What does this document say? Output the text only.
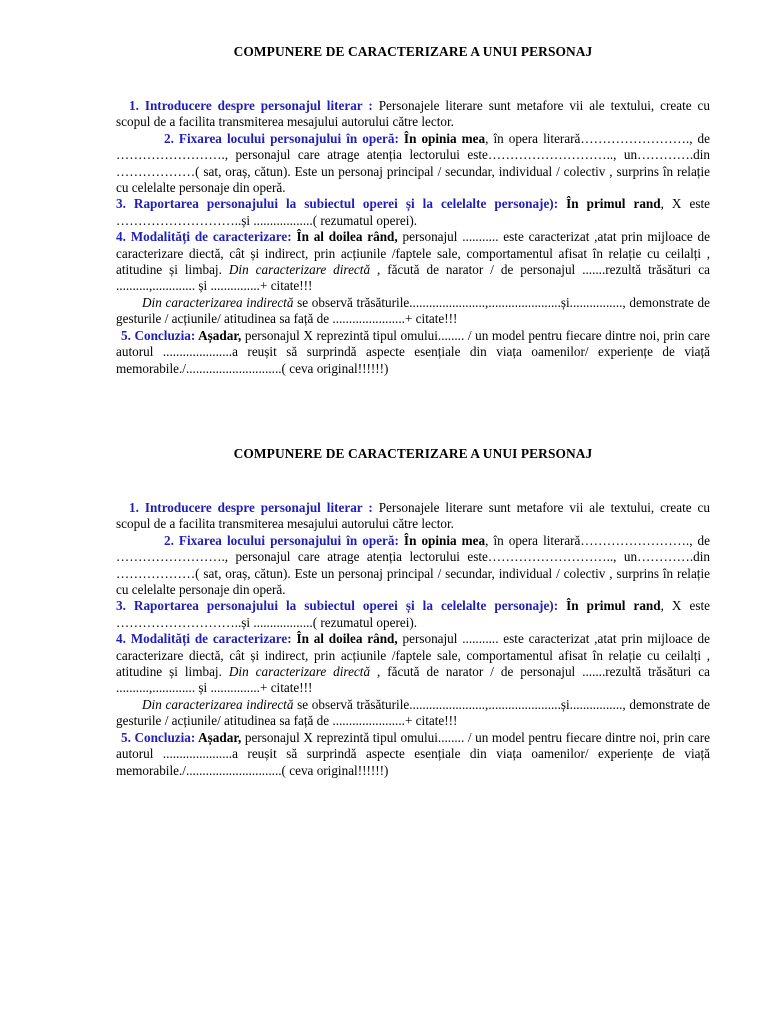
COMPUNERE DE CARACTERIZARE A UNUI PERSONAJ

1. Introducere despre personajul literar : Personajele literare sunt metafore vii ale textului, create cu scopul de a facilita transmiterea mesajului autorului către lector.

2. Fixarea locului personajului în operă: În opinia mea, în opera literară……………………., de ……………………., personajul care atrage atenția lectorului este……………………….., un………….din ………………( sat, oraș, cătun). Este un personaj principal / secundar, individual / colectiv , surprins în relație cu celelalte personaje din operă.

3. Raportarea personajului la subiectul operei și la celelalte personaje): În primul rand, X este ………………………..și ..................( rezumatul operei).

4. Modalități de caracterizare: În al doilea rând, personajul ........... este caracterizat ,atat prin mijloace de caracterizare diectă, cât și indirect, prin acțiunile /faptele sale, comportamentul afisat în relație cu ceilalți , atitudine și limbaj. Din caracterizare directă , făcută de narator / de personajul .......rezultă trăsături ca ..........,............. și ...............+ citate!!!

Din caracterizarea indirectă se observă trăsăturile.......................,......................și................, demonstrate de gesturile / acțiunile/ atitudinea sa față de ......................+ citate!!!

5. Concluzia: Așadar, personajul X reprezintă tipul omului........ / un model pentru fiecare dintre noi, prin care autorul .....................a reușit să surprindă aspecte esențiale din viața oamenilor/ experiențe de viață memorabile./.............................( ceva original!!!!!!)

COMPUNERE DE CARACTERIZARE A UNUI PERSONAJ

1. Introducere despre personajul literar : Personajele literare sunt metafore vii ale textului, create cu scopul de a facilita transmiterea mesajului autorului către lector.

2. Fixarea locului personajului în operă: În opinia mea, în opera literară……………………., de ……………………., personajul care atrage atenția lectorului este……………………….., un………….din ………………( sat, oraș, cătun). Este un personaj principal / secundar, individual / colectiv , surprins în relație cu celelalte personaje din operă.

3. Raportarea personajului la subiectul operei și la celelalte personaje): În primul rand, X este ………………………..și ..................( rezumatul operei).

4. Modalități de caracterizare: În al doilea rând, personajul ........... este caracterizat ,atat prin mijloace de caracterizare diectă, cât și indirect, prin acțiunile /faptele sale, comportamentul afisat în relație cu ceilalți , atitudine și limbaj. Din caracterizare directă , făcută de narator / de personajul .......rezultă trăsături ca ..........,............. și ...............+ citate!!!

Din caracterizarea indirectă se observă trăsăturile.......................,......................și................, demonstrate de gesturile / acțiunile/ atitudinea sa față de ......................+ citate!!!

5. Concluzia: Așadar, personajul X reprezintă tipul omului........ / un model pentru fiecare dintre noi, prin care autorul .....................a reușit să surprindă aspecte esențiale din viața oamenilor/ experiențe de viață memorabile./.............................( ceva original!!!!!!)
